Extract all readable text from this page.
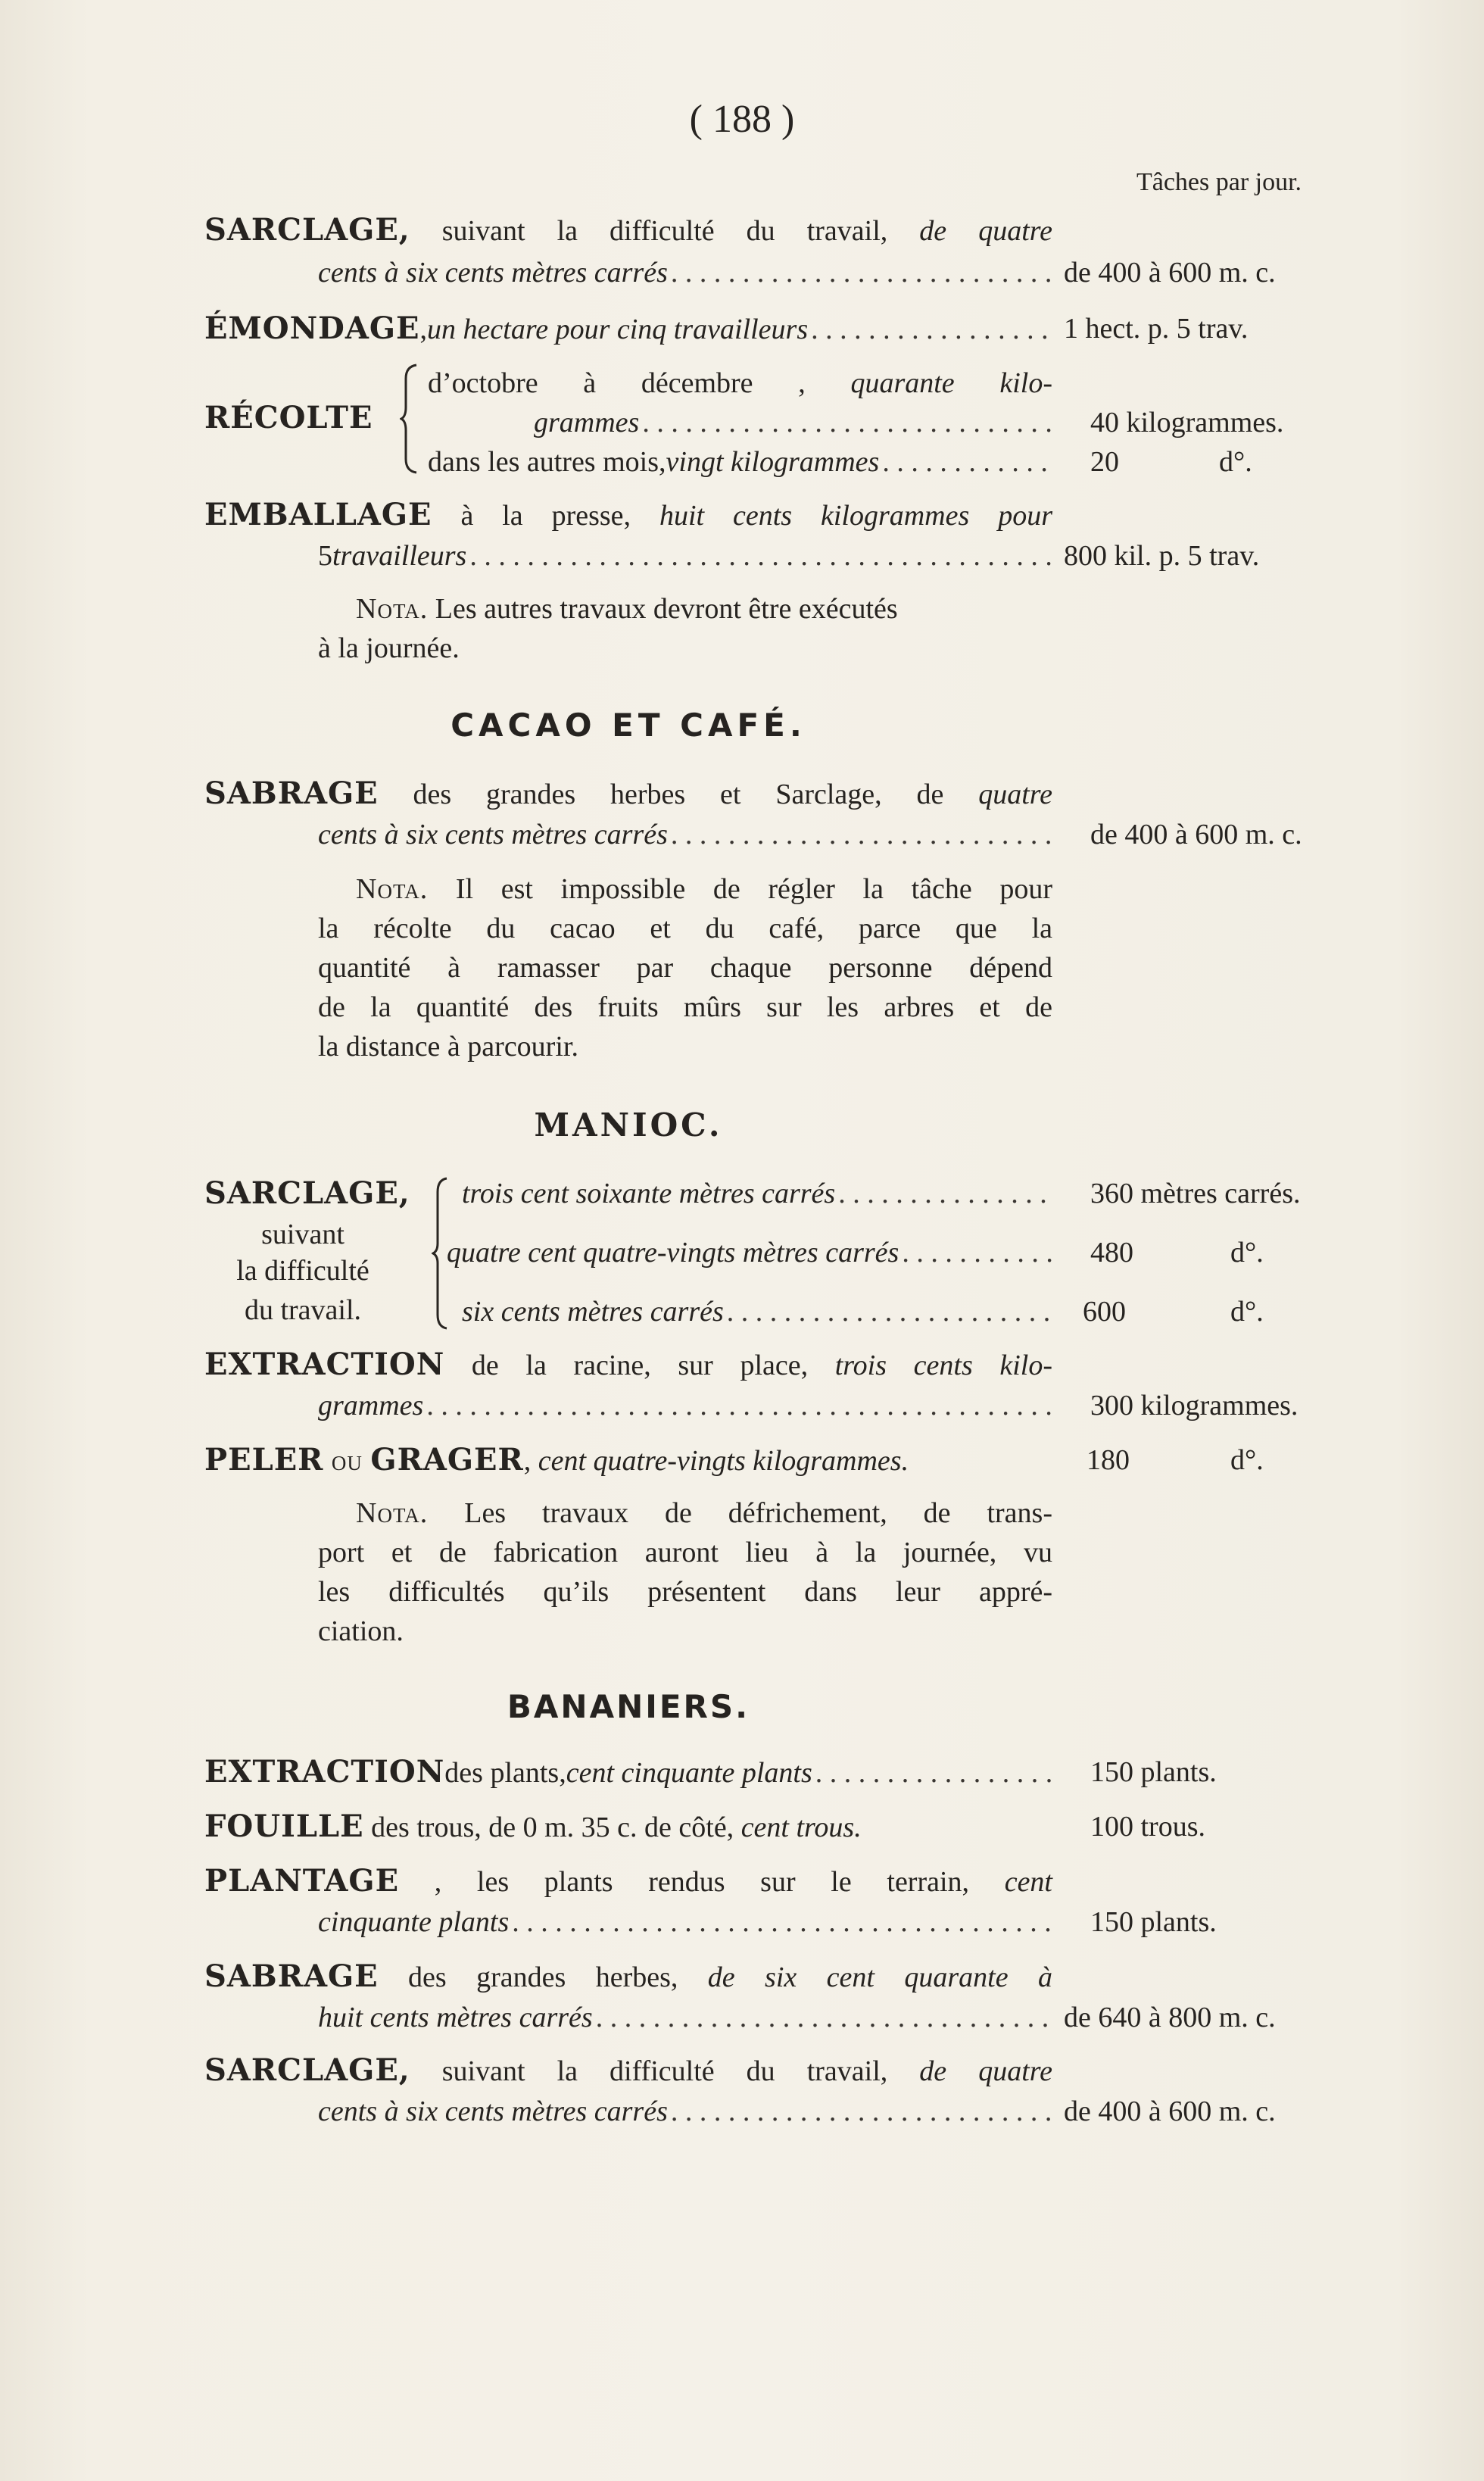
( 188 )
Tâches par jour.
SARCLAGE, suivant la difficulté du travail, de quatre
cents à six cents mètres carrés . . .	de 400 à 600 m. c.
ÉMONDAGE , un hectare pour cinq travailleurs . . .	1 hect. p. 5 trav.
RÉCOLTE
d’octobre à décembre , quarante kilo-
grammes . . .	40 kilogrammes.
dans les autres mois, vingt kilogrammes . . .	20	d°.
EMBALLAGE à la presse, huit cents kilogrammes pour
5 travailleurs . . .	800 kil. p. 5 trav.
Nota. Les autres travaux devront être exécutés
à la journée.
CACAO ET CAFÉ.
SABRAGE des grandes herbes et Sarclage, de quatre
cents à six cents mètres carrés . . .	de 400 à 600 m. c.
Nota. Il est impossible de régler la tâche pour
la récolte du cacao et du café, parce que la
quantité à ramasser par chaque personne dépend
de la quantité des fruits mûrs sur les arbres et de
la distance à parcourir.
MANIOC.
SARCLAGE,
suivant
la difficulté
du travail.
trois cent soixante mètres carrés . . .	360 mètres carrés.
quatre cent quatre-vingts mètres carrés . . .	480	d°.
six cents mètres carrés . . .	600	d°.
EXTRACTION de la racine, sur place, trois cents kilo-
grammes . . .	300 kilogrammes.
PELER ou GRAGER, cent quatre-vingts kilogrammes.	180	d°.
Nota. Les travaux de défrichement, de trans-
port et de fabrication auront lieu à la journée, vu
les difficultés qu’ils présentent dans leur appré-
ciation.
BANANIERS.
EXTRACTION des plants, cent cinquante plants . . .	150 plants.
FOUILLE des trous, de 0 m. 35 c. de côté, cent trous.	100 trous.
PLANTAGE , les plants rendus sur le terrain, cent
cinquante plants . . .	150 plants.
SABRAGE des grandes herbes, de six cent quarante à
huit cents mètres carrés . . .	de 640 à 800 m. c.
SARCLAGE, suivant la difficulté du travail, de quatre
cents à six cents mètres carrés . . .	de 400 à 600 m. c.
